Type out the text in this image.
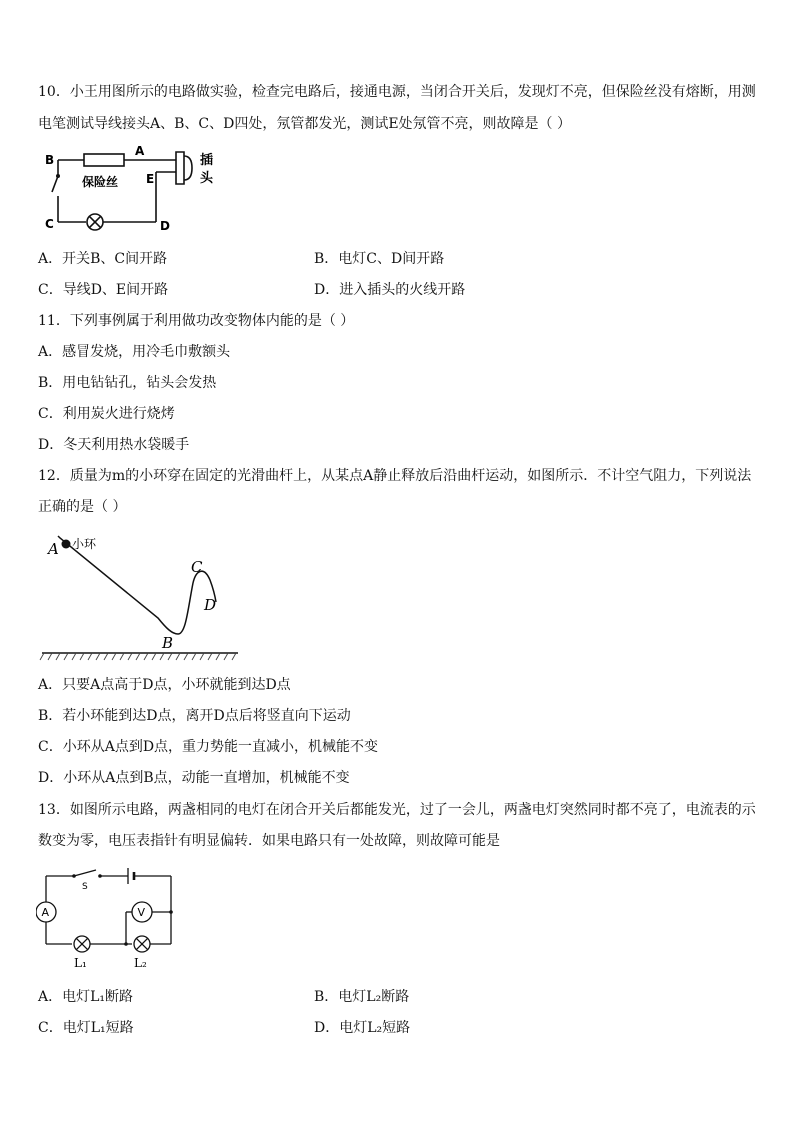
10．小王用图所示的电路做实验，检查完电路后，接通电源，当闭合开关后，发现灯不亮，但保险丝没有熔断，用测
电笔测试导线接头A、B、C、D四处，氖管都发光，测试E处氖管不亮，则故障是（ ）
B
A
保险丝 E
插
头
C	D
A．开关B、C间开路	B．电灯C、D间开路
C．导线D、E间开路	D．进入插头的火线开路
11．下列事例属于利用做功改变物体内能的是（ ）
A．感冒发烧，用冷毛巾敷额头
B．用电钻钻孔，钻头会发热
C．利用炭火进行烧烤
D．冬天利用热水袋暖手
12．质量为m的小环穿在固定的光滑曲杆上，从某点A静止释放后沿曲杆运动，如图所示．不计空气阻力，下列说法
正确的是（ ）
A 小环
B
C
D
A．只要A点高于D点，小环就能到达D点
B．若小环能到达D点，离开D点后将竖直向下运动
C．小环从A点到D点，重力势能一直减小，机械能不变
D．小环从A点到B点，动能一直增加，机械能不变
13．如图所示电路，两盏相同的电灯在闭合开关后都能发光，过了一会儿，两盏电灯突然同时都不亮了，电流表的示
数变为零，电压表指针有明显偏转．如果电路只有一处故障，则故障可能是
S
A	V
L₁	L₂
A．电灯L₁断路	B．电灯L₂断路
C．电灯L₁短路	D．电灯L₂短路
